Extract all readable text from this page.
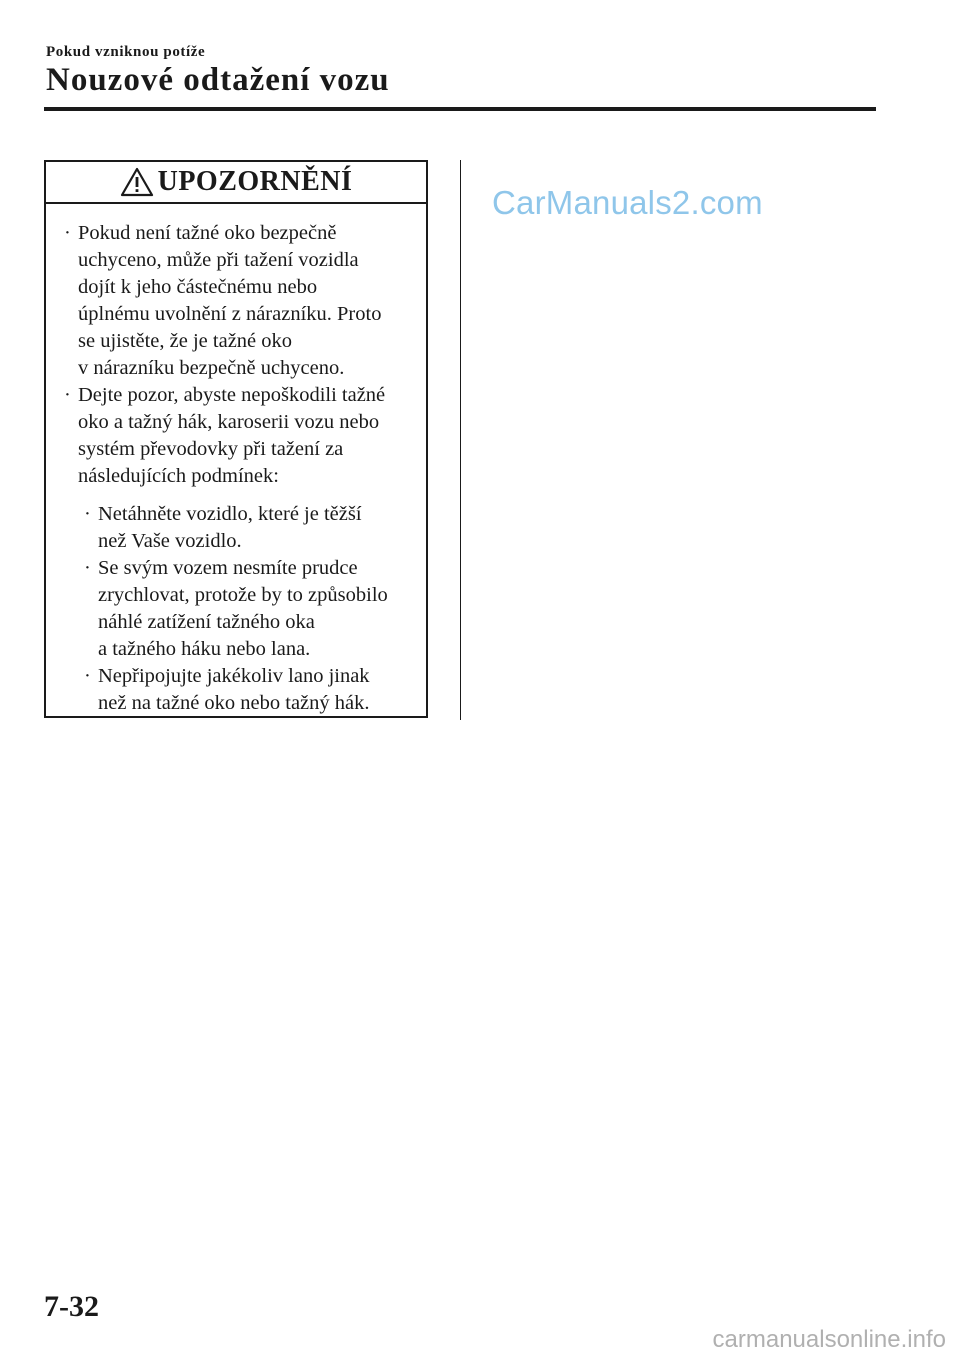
Pokud vzniknou potíže
Nouzové odtažení vozu
UPOZORNĚNÍ
· Pokud není tažné oko bezpečně
uchyceno, může při tažení vozidla
dojít k jeho částečnému nebo
úplnému uvolnění z nárazníku. Proto
se ujistěte, že je tažné oko
v nárazníku bezpečně uchyceno.
· Dejte pozor, abyste nepoškodili tažné
oko a tažný hák, karoserii vozu nebo
systém převodovky při tažení za
následujících podmínek:
· Netáhněte vozidlo, které je těžší
než Vaše vozidlo.
· Se svým vozem nesmíte prudce
zrychlovat, protože by to způsobilo
náhlé zatížení tažného oka
a tažného háku nebo lana.
· Nepřipojujte jakékoliv lano jinak
než na tažné oko nebo tažný hák.
CarManuals2.com
7-32
carmanualsonline.info
